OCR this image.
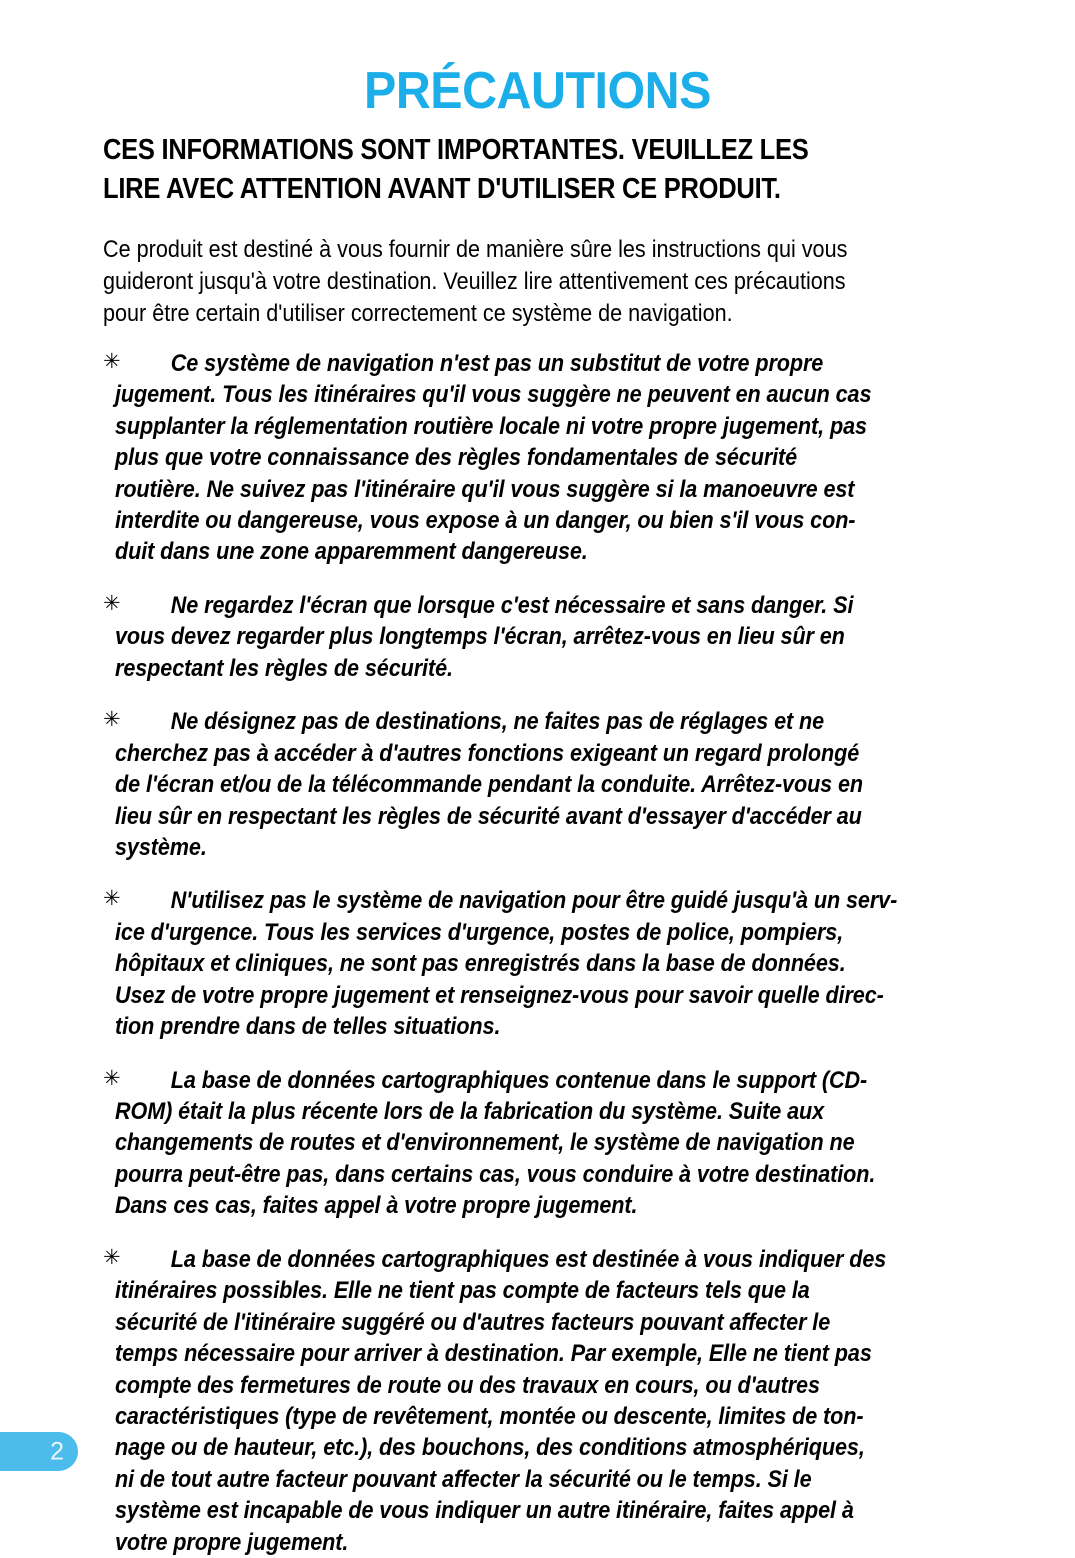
PRÉCAUTIONS
CES INFORMATIONS SONT IMPORTANTES. VEUILLEZ LES
LIRE AVEC ATTENTION AVANT D'UTILISER CE PRODUIT.
Ce produit est destiné à vous fournir de manière sûre les instructions qui vous
guideront jusqu'à votre destination. Veuillez lire attentivement ces précautions
pour être certain d'utiliser correctement ce système de navigation.
✳	Ce système de navigation n'est pas un substitut de votre propre
jugement. Tous les itinéraires qu'il vous suggère ne peuvent en aucun cas
supplanter la réglementation routière locale ni votre propre jugement, pas
plus que votre connaissance des règles fondamentales de sécurité
routière. Ne suivez pas l'itinéraire qu'il vous suggère si la manoeuvre est
interdite ou dangereuse, vous expose à un danger, ou bien s'il vous con-
duit dans une zone apparemment dangereuse.
✳	Ne regardez l'écran que lorsque c'est nécessaire et sans danger. Si
vous devez regarder plus longtemps l'écran, arrêtez-vous en lieu sûr en
respectant les règles de sécurité.
✳	Ne désignez pas de destinations, ne faites pas de réglages et ne
cherchez pas à accéder à d'autres fonctions exigeant un regard prolongé
de l'écran et/ou de la télécommande pendant la conduite. Arrêtez-vous en
lieu sûr en respectant les règles de sécurité avant d'essayer d'accéder au
système.
✳	N'utilisez pas le système de navigation pour être guidé jusqu'à un serv-
ice d'urgence. Tous les services d'urgence, postes de police, pompiers,
hôpitaux et cliniques, ne sont pas enregistrés dans la base de données.
Usez de votre propre jugement et renseignez-vous pour savoir quelle direc-
tion prendre dans de telles situations.
✳	La base de données cartographiques contenue dans le support (CD-
ROM) était la plus récente lors de la fabrication du système. Suite aux
changements de routes et d'environnement, le système de navigation ne
pourra peut-être pas, dans certains cas, vous conduire à votre destination.
Dans ces cas, faites appel à votre propre jugement.
✳	La base de données cartographiques est destinée à vous indiquer des
itinéraires possibles. Elle ne tient pas compte de facteurs tels que la
sécurité de l'itinéraire suggéré ou d'autres facteurs pouvant affecter le
temps nécessaire pour arriver à destination. Par exemple, Elle ne tient pas
compte des fermetures de route ou des travaux en cours, ou d'autres
caractéristiques (type de revêtement, montée ou descente, limites de ton-
nage ou de hauteur, etc.), des bouchons, des conditions atmosphériques,
ni de tout autre facteur pouvant affecter la sécurité ou le temps. Si le
système est incapable de vous indiquer un autre itinéraire, faites appel à
votre propre jugement.
2
